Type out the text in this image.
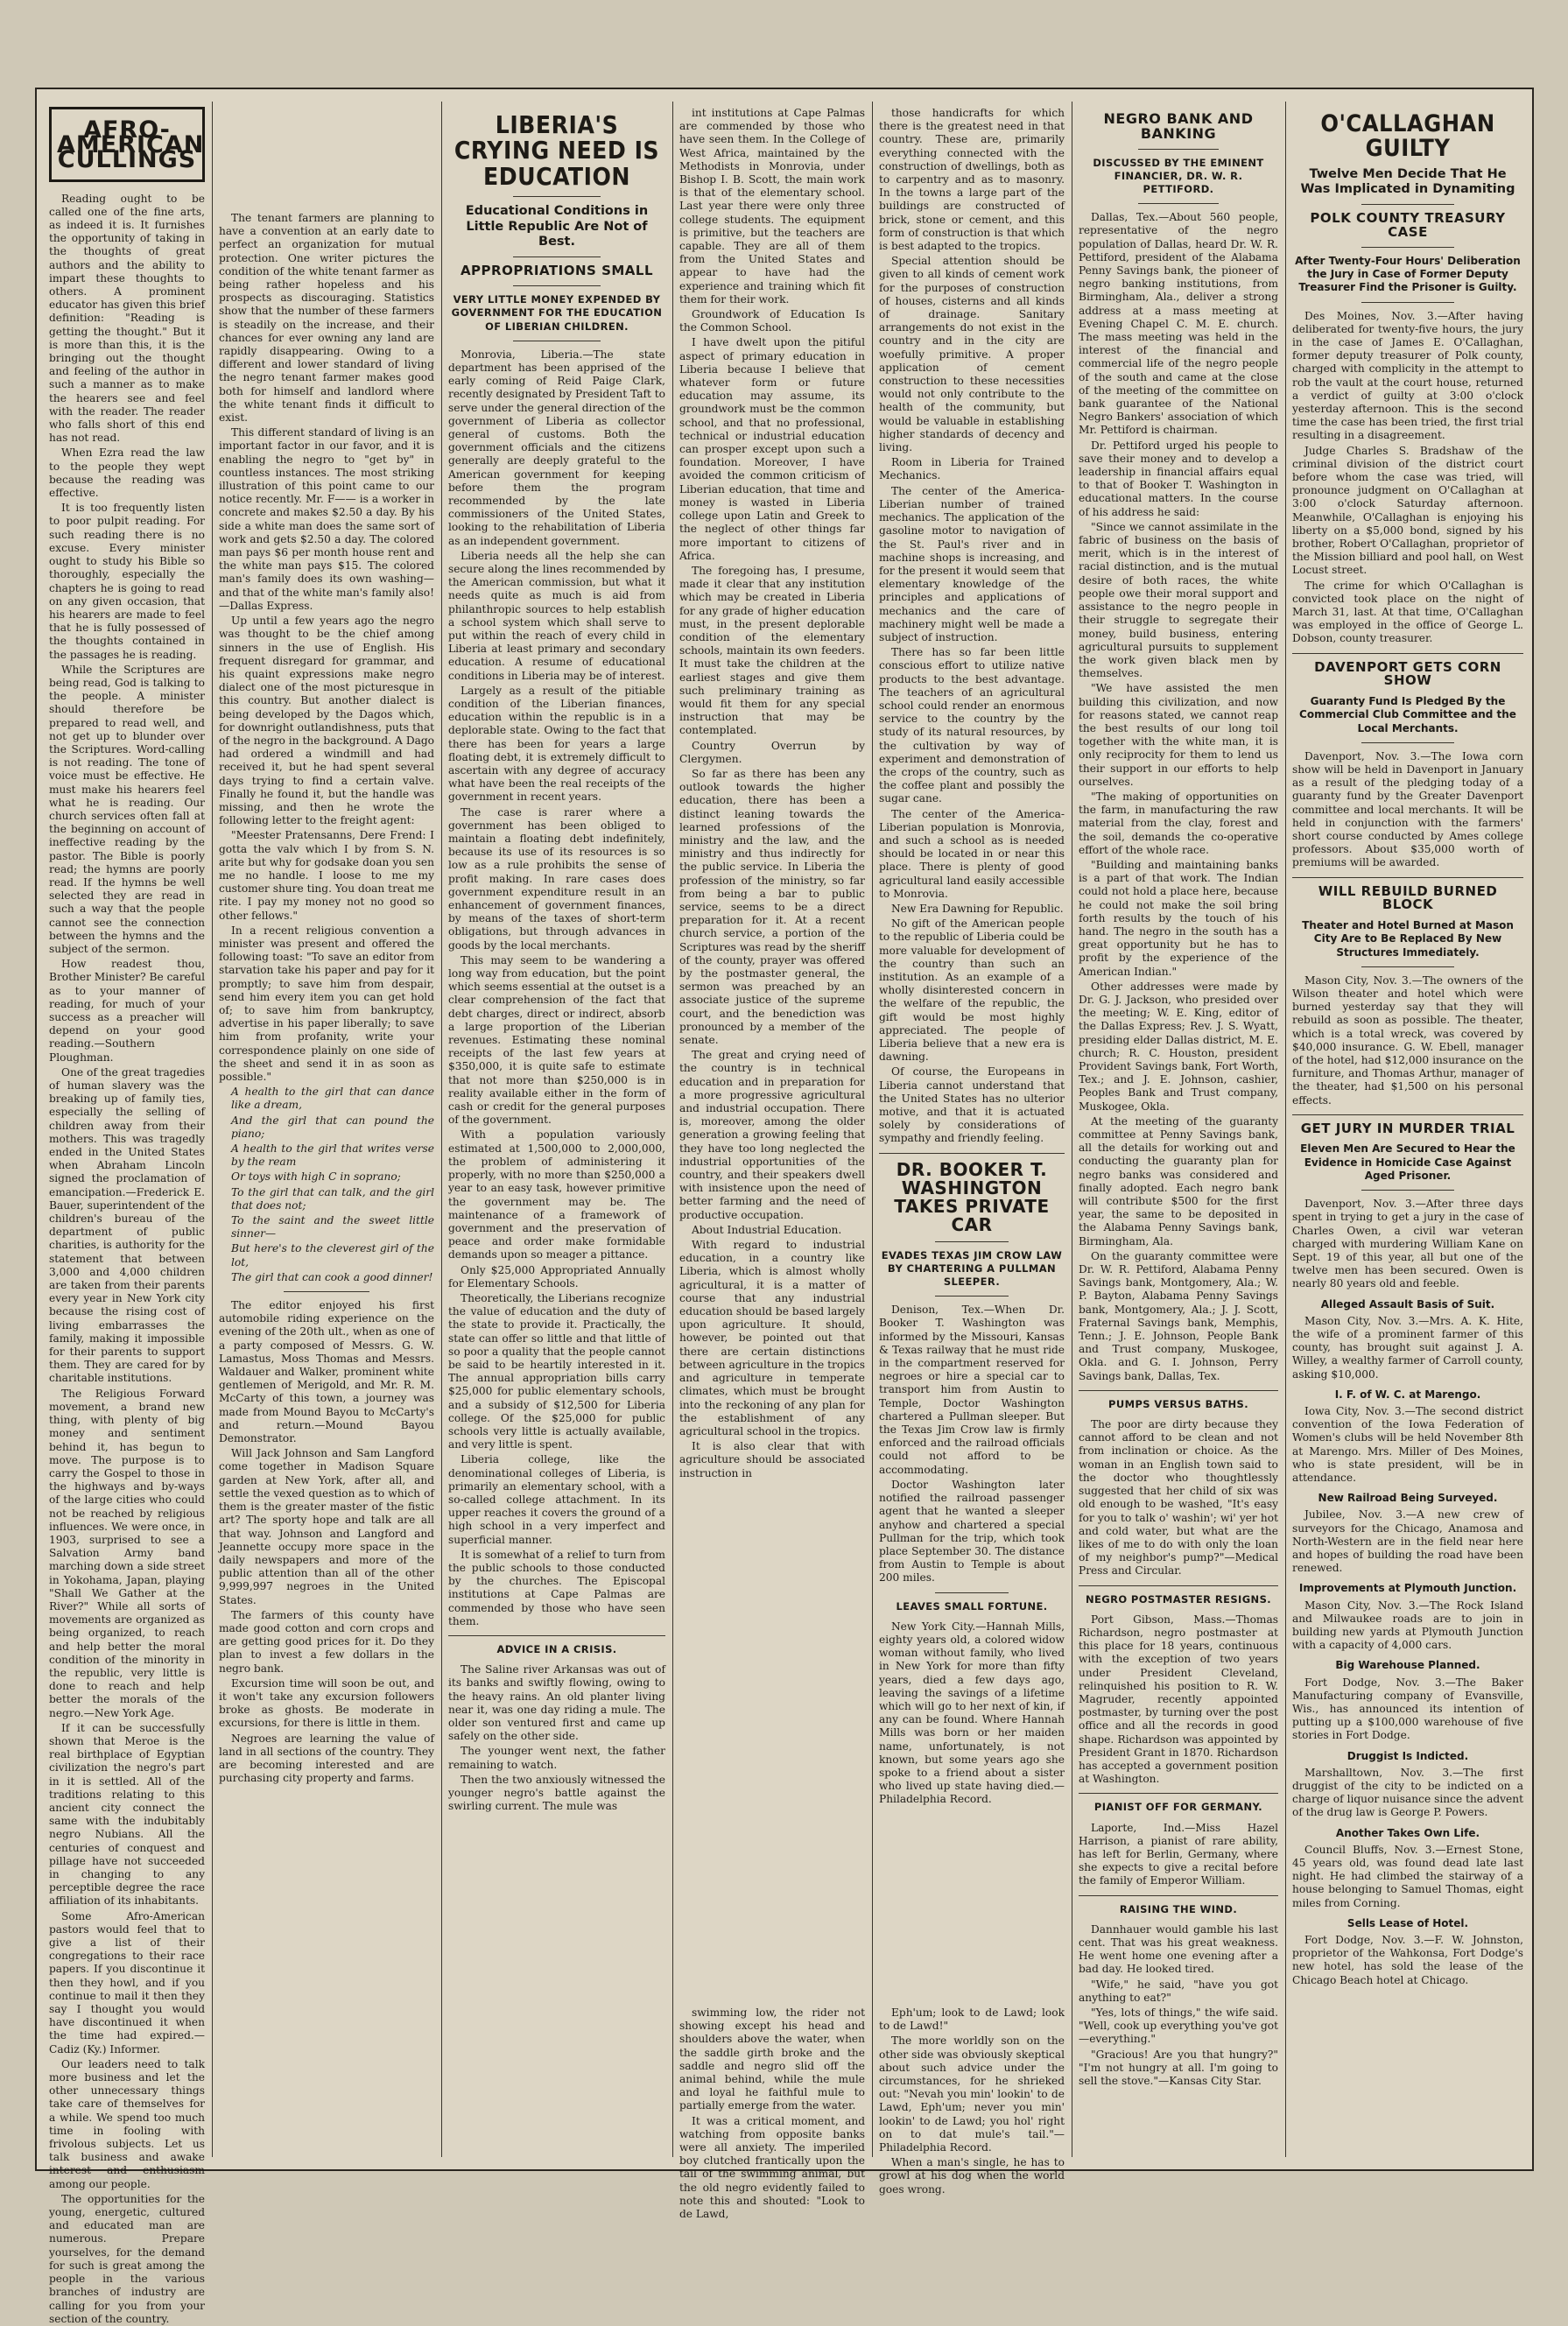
AFRO-AMERICAN CULLINGS

Reading ought to be called one of the fine arts, as indeed it is. It furnishes the opportunity of taking in the thoughts of great authors and the ability to impart these thoughts to others. A prominent educator has given this brief definition: "Reading is getting the thought." But it is more than this, it is the bringing out the thought and feeling of the author in such a manner as to make the hearers see and feel with the reader. The reader who falls short of this end has not read.

When Ezra read the law to the people they wept because the reading was effective.

It is too frequently listen to poor pulpit reading. For such reading there is no excuse. Every minister ought to study his Bible so thoroughly, especially the chapters he is going to read on any given occasion, that his hearers are made to feel that he is fully possessed of the thoughts contained in the passages he is reading.

While the Scriptures are being read, God is talking to the people. A minister should therefore be prepared to read well, and not get up to blunder over the Scriptures. Word-calling is not reading. The tone of voice must be effective. He must make his hearers feel what he is reading. Our church services often fall at the beginning on account of ineffective reading by the pastor. The Bible is poorly read; the hymns are poorly read. If the hymns be well selected they are read in such a way that the people cannot see the connection between the hymns and the subject of the sermon.

How readest thou, Brother Minister? Be careful as to your manner of reading, for much of your success as a preacher will depend on your good reading.—Southern Ploughman.

One of the great tragedies of human slavery was the breaking up of family ties, especially the selling of children away from their mothers. This was tragedly ended in the United States when Abraham Lincoln signed the proclamation of emancipation.—Frederick E. Bauer, superintendent of the children's bureau of the department of public charities, is authority for the statement that between 3,000 and 4,000 children are taken from their parents every year in New York city because the rising cost of living embarrasses the family, making it impossible for their parents to support them. They are cared for by charitable institutions.

The Religious Forward movement, a brand new thing, with plenty of big money and sentiment behind it, has begun to move. The purpose is to carry the Gospel to those in the highways and by-ways of the large cities who could not be reached by religious influences. We were once, in 1903, surprised to see a Salvation Army band marching down a side street in Yokohama, Japan, playing "Shall We Gather at the River?" While all sorts of movements are organized as being organized, to reach and help better the moral condition of the minority in the republic, very little is done to reach and help better the morals of the negro.—New York Age.

If it can be successfully shown that Meroe is the real birthplace of Egyptian civilization the negro's part in it is settled. All of the traditions relating to this ancient city connect the same with the indubitably negro Nubians. All the centuries of conquest and pillage have not succeeded in changing to any perceptible degree the race affiliation of its inhabitants.

Some Afro-American pastors would feel that to give a list of their congregations to their race papers. If you discontinue it then they howl, and if you continue to mail it then they say I thought you would have discontinued it when the time had expired.—Cadiz (Ky.) Informer.

Our leaders need to talk more business and let the other unnecessary things take care of themselves for a while. We spend too much time in fooling with frivolous subjects. Let us talk business and awake interest and enthusiasm among our people.

The opportunities for the young, energetic, cultured and educated man are numerous. Prepare yourselves, for the demand for such is great among the people in the various branches of industry are calling for you from your section of the country.

The tenant farmers are planning to have a convention at an early date to perfect an organization for mutual protection. One writer pictures the condition of the white tenant farmer as being rather hopeless and his prospects as discouraging. Statistics show that the number of these farmers is steadily on the increase, and their chances for ever owning any land are rapidly disappearing. Owing to a different and lower standard of living the negro tenant farmer makes good both for himself and landlord where the white tenant finds it difficult to exist.

This different standard of living is an important factor in our favor, and it is enabling the negro to "get by" in countless instances. The most striking illustration of this point came to our notice recently. Mr. F—— is a worker in concrete and makes $2.50 a day. By his side a white man does the same sort of work and gets $2.50 a day. The colored man pays $6 per month house rent and the white man pays $15. The colored man's family does its own washing—and that of the white man's family also!—Dallas Express.

Up until a few years ago the negro was thought to be the chief among sinners in the use of English. His frequent disregard for grammar, and his quaint expressions make negro dialect one of the most picturesque in this country. But another dialect is being developed by the Dagos which, for downright outlandishness, puts that of the negro in the background. A Dago had ordered a windmill and had received it, but he had spent several days trying to find a certain valve. Finally he found it, but the handle was missing, and then he wrote the following letter to the freight agent:

"Meester Pratensanns, Dere Frend: I gotta the valv which I by from S. N. arite but why for godsake doan you sen me no handle. I loose to me my customer shure ting. You doan treat me rite. I pay my money not no good so other fellows."

In a recent religious convention a minister was present and offered the following toast: "To save an editor from starvation take his paper and pay for it promptly; to save him from despair, send him every item you can get hold of; to save him from bankruptcy, advertise in his paper liberally; to save him from profanity, write your correspondence plainly on one side of the sheet and send it in as soon as possible."

A health to the girl that can dance like a dream,

And the girl that can pound the piano;

A health to the girl that writes verse by the ream

Or toys with high C in soprano;

To the girl that can talk, and the girl that does not;

To the saint and the sweet little sinner—

But here's to the cleverest girl of the lot,

The girl that can cook a good dinner!

The editor enjoyed his first automobile riding experience on the evening of the 20th ult., when as one of a party composed of Messrs. G. W. Lamastus, Moss Thomas and Messrs. Waldauer and Walker, prominent white gentlemen of Merigold, and Mr. R. M. McCarty of this town, a journey was made from Mound Bayou to McCarty's and return.—Mound Bayou Demonstrator.

Will Jack Johnson and Sam Langford come together in Madison Square garden at New York, after all, and settle the vexed question as to which of them is the greater master of the fistic art? The sporty hope and talk are all that way. Johnson and Langford and Jeannette occupy more space in the daily newspapers and more of the public attention than all of the other 9,999,997 negroes in the United States.

The farmers of this county have made good cotton and corn crops and are getting good prices for it. Do they plan to invest a few dollars in the negro bank.

Excursion time will soon be out, and it won't take any excursion followers broke as ghosts. Be moderate in excursions, for there is little in them.

Negroes are learning the value of land in all sections of the country. They are becoming interested and are purchasing city property and farms.

LIBERIA'S CRYING NEED IS EDUCATION
Educational Conditions in Little Republic Are Not of Best.
APPROPRIATIONS SMALL
VERY LITTLE MONEY EXPENDED BY GOVERNMENT FOR THE EDUCATION OF LIBERIAN CHILDREN.

Monrovia, Liberia.—The state department has been apprised of the early coming of Reid Paige Clark, recently designated by President Taft to serve under the general direction of the government of Liberia as collector general of customs. Both the government officials and the citizens generally are deeply grateful to the American government for keeping before them the program recommended by the late commissioners of the United States, looking to the rehabilitation of Liberia as an independent government.

Liberia needs all the help she can secure along the lines recommended by the American commission, but what it needs quite as much is aid from philanthropic sources to help establish a school system which shall serve to put within the reach of every child in Liberia at least primary and secondary education. A resume of educational conditions in Liberia may be of interest.

Largely as a result of the pitiable condition of the Liberian finances, education within the republic is in a deplorable state. Owing to the fact that there has been for years a large floating debt, it is extremely difficult to ascertain with any degree of accuracy what have been the real receipts of the government in recent years.

The case is rarer where a government has been obliged to maintain a floating debt indefinitely, because its use of its resources is so low as a rule prohibits the sense of profit making. In rare cases does government expenditure result in an enhancement of government finances, by means of the taxes of short-term obligations, but through advances in goods by the local merchants.

This may seem to be wandering a long way from education, but the point which seems essential at the outset is a clear comprehension of the fact that debt charges, direct or indirect, absorb a large proportion of the Liberian revenues. Estimating these nominal receipts of the last few years at $350,000, it is quite safe to estimate that not more than $250,000 is in reality available either in the form of cash or credit for the general purposes of the government.

With a population variously estimated at 1,500,000 to 2,000,000, the problem of administering it properly, with no more than $250,000 a year to an easy task, however primitive the government may be. The maintenance of a framework of government and the preservation of peace and order make formidable demands upon so meager a pittance.

Only $25,000 Appropriated Annually for Elementary Schools.

Theoretically, the Liberians recognize the value of education and the duty of the state to provide it. Practically, the state can offer so little and that little of so poor a quality that the people cannot be said to be heartily interested in it. The annual appropriation bills carry $25,000 for public elementary schools, and a subsidy of $12,500 for Liberia college. Of the $25,000 for public schools very little is actually available, and very little is spent.

Liberia college, like the denominational colleges of Liberia, is primarily an elementary school, with a so-called college attachment. In its upper reaches it covers the ground of a high school in a very imperfect and superficial manner.

It is somewhat of a relief to turn from the public schools to those conducted by the churches. The Episcopal institutions at Cape Palmas are commended by those who have seen them.

ADVICE IN A CRISIS.

The Saline river Arkansas was out of its banks and swiftly flowing, owing to the heavy rains. An old planter living near it, was one day riding a mule. The older son ventured first and came up safely on the other side.

The younger went next, the father remaining to watch.

Then the two anxiously witnessed the younger negro's battle against the swirling current. The mule was

int institutions at Cape Palmas are commended by those who have seen them. In the College of West Africa, maintained by the Methodists in Monrovia, under Bishop I. B. Scott, the main work is that of the elementary school. Last year there were only three college students. The equipment is primitive, but the teachers are capable. They are all of them from the United States and appear to have had the experience and training which fit them for their work.

Groundwork of Education Is the Common School.

I have dwelt upon the pitiful aspect of primary education in Liberia because I believe that whatever form or future education may assume, its groundwork must be the common school, and that no professional, technical or industrial education can prosper except upon such a foundation. Moreover, I have avoided the common criticism of Liberian education, that time and money is wasted in Liberia college upon Latin and Greek to the neglect of other things far more important to citizens of Africa.

The foregoing has, I presume, made it clear that any institution which may be created in Liberia for any grade of higher education must, in the present deplorable condition of the elementary schools, maintain its own feeders. It must take the children at the earliest stages and give them such preliminary training as would fit them for any special instruction that may be contemplated.

Country Overrun by Clergymen.

So far as there has been any outlook towards the higher education, there has been a distinct leaning towards the learned professions of the ministry and the law, and the ministry and thus indirectly for the public service. In Liberia the profession of the ministry, so far from being a bar to public service, seems to be a direct preparation for it. At a recent church service, a portion of the Scriptures was read by the sheriff of the county, prayer was offered by the postmaster general, the sermon was preached by an associate justice of the supreme court, and the benediction was pronounced by a member of the senate.

The great and crying need of the country is in technical education and in preparation for a more progressive agricultural and industrial occupation. There is, moreover, among the older generation a growing feeling that they have too long neglected the industrial opportunities of the country, and their speakers dwell with insistence upon the need of better farming and the need of productive occupation.

About Industrial Education.

With regard to industrial education, in a country like Liberia, which is almost wholly agricultural, it is a matter of course that any industrial education should be based largely upon agriculture. It should, however, be pointed out that there are certain distinctions between agriculture in the tropics and agriculture in temperate climates, which must be brought into the reckoning of any plan for the establishment of any agricultural school in the tropics.

It is also clear that with agriculture should be associated instruction in

swimming low, the rider not showing except his head and shoulders above the water, when the saddle girth broke and the saddle and negro slid off the animal behind, while the mule and loyal he faithful mule to partially emerge from the water.

It was a critical moment, and watching from opposite banks were all anxiety. The imperiled boy clutched frantically upon the tail of the swimming animal, but the old negro evidently failed to note this and shouted: "Look to de Lawd,

those handicrafts for which there is the greatest need in that country. These are, primarily everything connected with the construction of dwellings, both as to carpentry and as to masonry. In the towns a large part of the buildings are constructed of brick, stone or cement, and this form of construction is that which is best adapted to the tropics.

Special attention should be given to all kinds of cement work for the purposes of construction of houses, cisterns and all kinds of drainage. Sanitary arrangements do not exist in the country and in the city are woefully primitive. A proper application of cement construction to these necessities would not only contribute to the health of the community, but would be valuable in establishing higher standards of decency and living.

Room in Liberia for Trained Mechanics.

The center of the America-Liberian number of trained mechanics. The application of the gasoline motor to navigation of the St. Paul's river and in machine shops is increasing, and for the present it would seem that elementary knowledge of the principles and applications of mechanics and the care of machinery might well be made a subject of instruction.

There has so far been little conscious effort to utilize native products to the best advantage. The teachers of an agricultural school could render an enormous service to the country by the study of its natural resources, by the cultivation by way of experiment and demonstration of the crops of the country, such as the coffee plant and possibly the sugar cane.

The center of the America-Liberian population is Monrovia, and such a school as is needed should be located in or near this place. There is plenty of good agricultural land easily accessible to Monrovia.

New Era Dawning for Republic.

No gift of the American people to the republic of Liberia could be more valuable for development of the country than such an institution. As an example of a wholly disinterested concern in the welfare of the republic, the gift would be most highly appreciated. The people of Liberia believe that a new era is dawning.

Of course, the Europeans in Liberia cannot understand that the United States has no ulterior motive, and that it is actuated solely by considerations of sympathy and friendly feeling.

DR. BOOKER T. WASHINGTON TAKES PRIVATE CAR
EVADES TEXAS JIM CROW LAW BY CHARTERING A PULLMAN SLEEPER.

Denison, Tex.—When Dr. Booker T. Washington was informed by the Missouri, Kansas & Texas railway that he must ride in the compartment reserved for negroes or hire a special car to transport him from Austin to Temple, Doctor Washington chartered a Pullman sleeper. But the Texas Jim Crow law is firmly enforced and the railroad officials could not afford to be accommodating.

Doctor Washington later notified the railroad passenger agent that he wanted a sleeper anyhow and chartered a special Pullman for the trip, which took place September 30. The distance from Austin to Temple is about 200 miles.

LEAVES SMALL FORTUNE.

New York City.—Hannah Mills, eighty years old, a colored widow woman without family, who lived in New York for more than fifty years, died a few days ago, leaving the savings of a lifetime which will go to her next of kin, if any can be found. Where Hannah Mills was born or her maiden name, unfortunately, is not known, but some years ago she spoke to a friend about a sister who lived up state having died.—Philadelphia Record.

Eph'um; look to de Lawd; look to de Lawd!"

The more worldly son on the other side was obviously skeptical about such advice under the circumstances, for he shrieked out: "Nevah you min' lookin' to de Lawd, Eph'um; never you min' lookin' to de Lawd; you hol' right on to dat mule's tail."—Philadelphia Record.

When a man's single, he has to growl at his dog when the world goes wrong.

NEGRO BANK AND BANKING
DISCUSSED BY THE EMINENT FINANCIER, DR. W. R. PETTIFORD.

Dallas, Tex.—About 560 people, representative of the negro population of Dallas, heard Dr. W. R. Pettiford, president of the Alabama Penny Savings bank, the pioneer of negro banking institutions, from Birmingham, Ala., deliver a strong address at a mass meeting at Evening Chapel C. M. E. church. The mass meeting was held in the interest of the financial and commercial life of the negro people of the south and came at the close of the meeting of the committee on bank guarantee of the National Negro Bankers' association of which Mr. Pettiford is chairman.

Dr. Pettiford urged his people to save their money and to develop a leadership in financial affairs equal to that of Booker T. Washington in educational matters. In the course of his address he said:

"Since we cannot assimilate in the fabric of business on the basis of merit, which is in the interest of racial distinction, and is the mutual desire of both races, the white people owe their moral support and assistance to the negro people in their struggle to segregate their money, build business, entering agricultural pursuits to supplement the work given black men by themselves.

"We have assisted the men building this civilization, and now for reasons stated, we cannot reap the best results of our long toil together with the white man, it is only reciprocity for them to lend us their support in our efforts to help ourselves.

"The making of opportunities on the farm, in manufacturing the raw material from the clay, forest and the soil, demands the co-operative effort of the whole race.

"Building and maintaining banks is a part of that work. The Indian could not hold a place here, because he could not make the soil bring forth results by the touch of his hand. The negro in the south has a great opportunity but he has to profit by the experience of the American Indian."

Other addresses were made by Dr. G. J. Jackson, who presided over the meeting; W. E. King, editor of the Dallas Express; Rev. J. S. Wyatt, presiding elder Dallas district, M. E. church; R. C. Houston, president Provident Savings bank, Fort Worth, Tex.; and J. E. Johnson, cashier, Peoples Bank and Trust company, Muskogee, Okla.

At the meeting of the guaranty committee at Penny Savings bank, all the details for working out and conducting the guaranty plan for negro banks was considered and finally adopted. Each negro bank will contribute $500 for the first year, the same to be deposited in the Alabama Penny Savings bank, Birmingham, Ala.

On the guaranty committee were Dr. W. R. Pettiford, Alabama Penny Savings bank, Montgomery, Ala.; W. P. Bayton, Alabama Penny Savings bank, Montgomery, Ala.; J. J. Scott, Fraternal Savings bank, Memphis, Tenn.; J. E. Johnson, People Bank and Trust company, Muskogee, Okla. and G. I. Johnson, Perry Savings bank, Dallas, Tex.

PUMPS VERSUS BATHS.

The poor are dirty because they cannot afford to be clean and not from inclination or choice. As the woman in an English town said to the doctor who thoughtlessly suggested that her child of six was old enough to be washed, "It's easy for you to talk o' washin'; wi' yer hot and cold water, but what are the likes of me to do with only the loan of my neighbor's pump?"—Medical Press and Circular.

NEGRO POSTMASTER RESIGNS.

Port Gibson, Mass.—Thomas Richardson, negro postmaster at this place for 18 years, continuous with the exception of two years under President Cleveland, relinquished his position to R. W. Magruder, recently appointed postmaster, by turning over the post office and all the records in good shape. Richardson was appointed by President Grant in 1870. Richardson has accepted a government position at Washington.

PIANIST OFF FOR GERMANY.

Laporte, Ind.—Miss Hazel Harrison, a pianist of rare ability, has left for Berlin, Germany, where she expects to give a recital before the family of Emperor William.

RAISING THE WIND.

Dannhauer would gamble his last cent. That was his great weakness. He went home one evening after a bad day. He looked tired.

"Wife," he said, "have you got anything to eat?"

"Yes, lots of things," the wife said. "Well, cook up everything you've got—everything."

"Gracious! Are you that hungry?" "I'm not hungry at all. I'm going to sell the stove."—Kansas City Star.

O'CALLAGHAN GUILTY
Twelve Men Decide That He Was Implicated in Dynamiting
POLK COUNTY TREASURY CASE
After Twenty-Four Hours' Deliberation the Jury in Case of Former Deputy Treasurer Find the Prisoner is Guilty.

Des Moines, Nov. 3.—After having deliberated for twenty-five hours, the jury in the case of James E. O'Callaghan, former deputy treasurer of Polk county, charged with complicity in the attempt to rob the vault at the court house, returned a verdict of guilty at 3:00 o'clock yesterday afternoon. This is the second time the case has been tried, the first trial resulting in a disagreement.

Judge Charles S. Bradshaw of the criminal division of the district court before whom the case was tried, will pronounce judgment on O'Callaghan at 3:00 o'clock Saturday afternoon. Meanwhile, O'Callaghan is enjoying his liberty on a $5,000 bond, signed by his brother, Robert O'Callaghan, proprietor of the Mission billiard and pool hall, on West Locust street.

The crime for which O'Callaghan is convicted took place on the night of March 31, last. At that time, O'Callaghan was employed in the office of George L. Dobson, county treasurer.

DAVENPORT GETS CORN SHOW
Guaranty Fund Is Pledged By the Commercial Club Committee and the Local Merchants.

Davenport, Nov. 3.—The Iowa corn show will be held in Davenport in January as a result of the pledging today of a guaranty fund by the Greater Davenport committee and local merchants. It will be held in conjunction with the farmers' short course conducted by Ames college professors. About $35,000 worth of premiums will be awarded.

WILL REBUILD BURNED BLOCK
Theater and Hotel Burned at Mason City Are to Be Replaced By New Structures Immediately.

Mason City, Nov. 3.—The owners of the Wilson theater and hotel which were burned yesterday say that they will rebuild as soon as possible. The theater, which is a total wreck, was covered by $40,000 insurance. G. W. Ebell, manager of the hotel, had $12,000 insurance on the furniture, and Thomas Arthur, manager of the theater, had $1,500 on his personal effects.

GET JURY IN MURDER TRIAL
Eleven Men Are Secured to Hear the Evidence in Homicide Case Against Aged Prisoner.

Davenport, Nov. 3.—After three days spent in trying to get a jury in the case of Charles Owen, a civil war veteran charged with murdering William Kane on Sept. 19 of this year, all but one of the twelve men has been secured. Owen is nearly 80 years old and feeble.

Alleged Assault Basis of Suit.

Mason City, Nov. 3.—Mrs. A. K. Hite, the wife of a prominent farmer of this county, has brought suit against J. A. Willey, a wealthy farmer of Carroll county, asking $10,000.

I. F. of W. C. at Marengo.

Iowa City, Nov. 3.—The second district convention of the Iowa Federation of Women's clubs will be held November 8th at Marengo. Mrs. Miller of Des Moines, who is state president, will be in attendance.

New Railroad Being Surveyed.

Jubilee, Nov. 3.—A new crew of surveyors for the Chicago, Anamosa and North-Western are in the field near here and hopes of building the road have been renewed.

Improvements at Plymouth Junction.

Mason City, Nov. 3.—The Rock Island and Milwaukee roads are to join in building new yards at Plymouth Junction with a capacity of 4,000 cars.

Big Warehouse Planned.

Fort Dodge, Nov. 3.—The Baker Manufacturing company of Evansville, Wis., has announced its intention of putting up a $100,000 warehouse of five stories in Fort Dodge.

Druggist Is Indicted.

Marshalltown, Nov. 3.—The first druggist of the city to be indicted on a charge of liquor nuisance since the advent of the drug law is George P. Powers.

Another Takes Own Life.

Council Bluffs, Nov. 3.—Ernest Stone, 45 years old, was found dead late last night. He had climbed the stairway of a house belonging to Samuel Thomas, eight miles from Corning.

Sells Lease of Hotel.

Fort Dodge, Nov. 3.—F. W. Johnston, proprietor of the Wahkonsa, Fort Dodge's new hotel, has sold the lease of the Chicago Beach hotel at Chicago.
